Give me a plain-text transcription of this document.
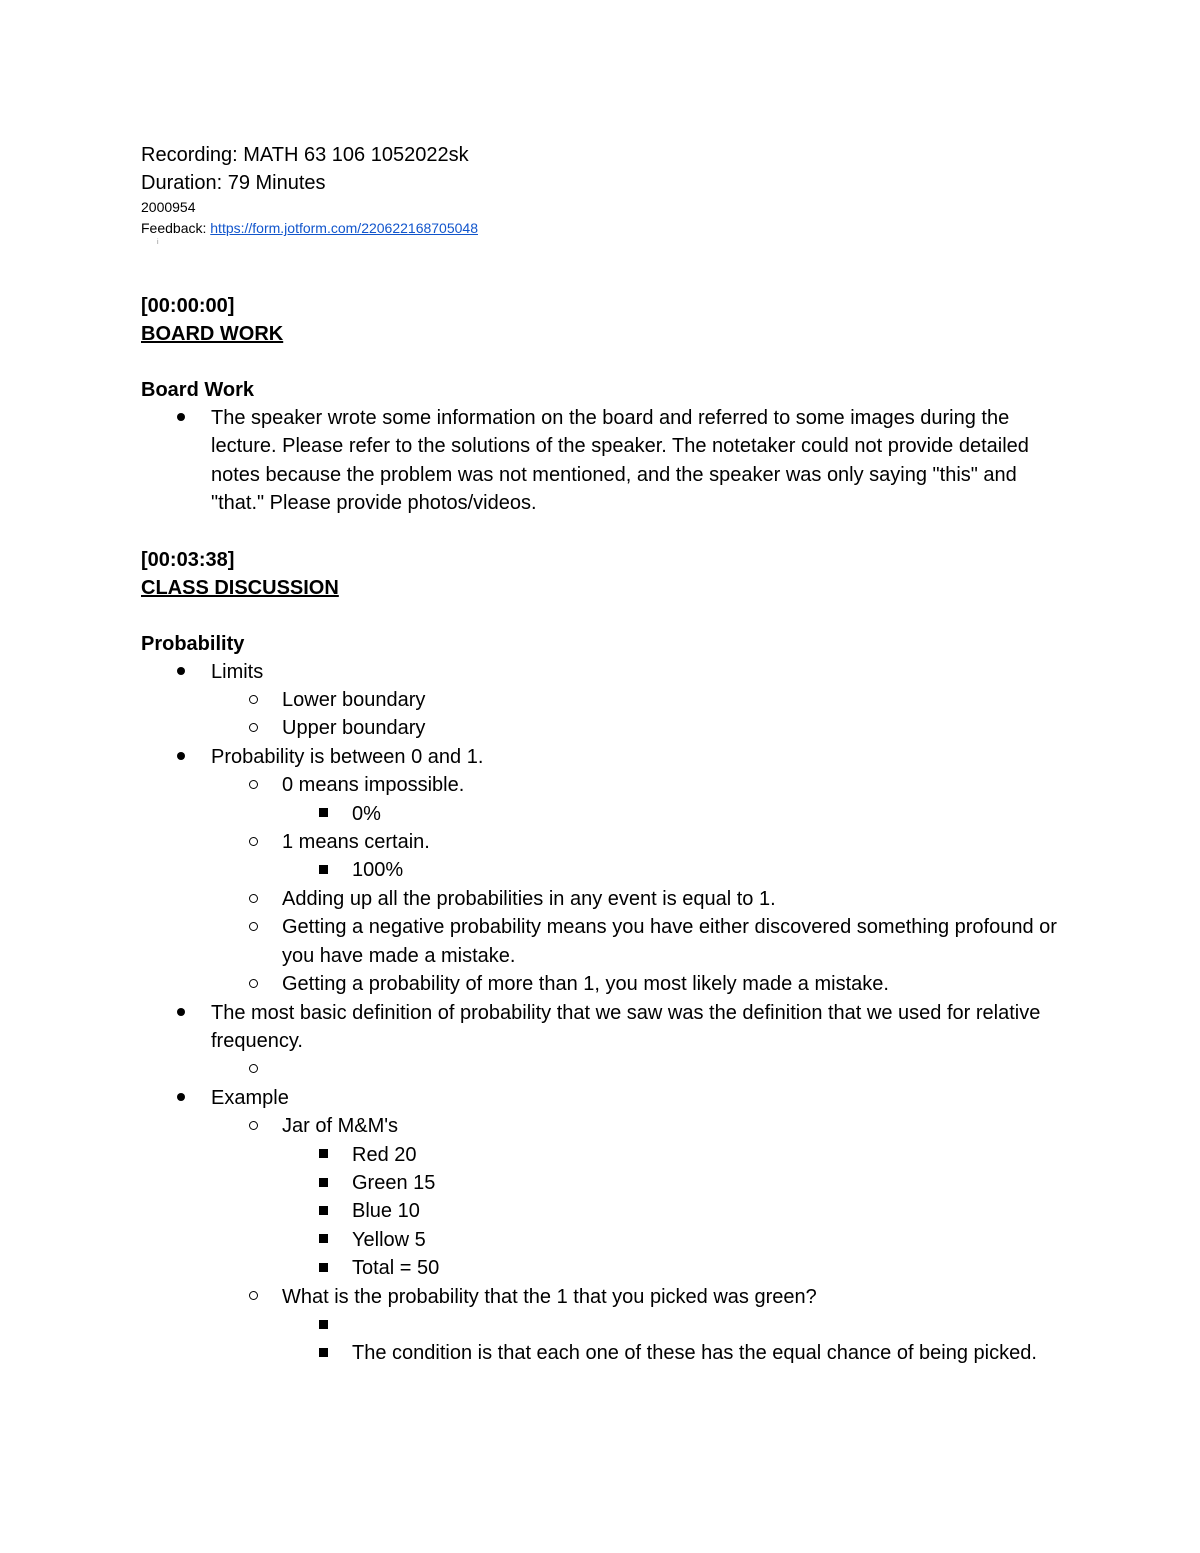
Recording: MATH 63 106 1052022sk
Duration: 79 Minutes
2000954
Feedback: https://form.jotform.com/220622168705048
i
[00:00:00]
BOARD WORK
Board Work
The speaker wrote some information on the board and referred to some images during the lecture. Please refer to the solutions of the speaker. The notetaker could not provide detailed notes because the problem was not mentioned, and the speaker was only saying "this" and "that." Please provide photos/videos.
[00:03:38]
CLASS DISCUSSION
Probability
Limits
Lower boundary
Upper boundary
Probability is between 0 and 1.
0 means impossible.
0%
1 means certain.
100%
Adding up all the probabilities in any event is equal to 1.
Getting a negative probability means you have either discovered something profound or you have made a mistake.
Getting a probability of more than 1, you most likely made a mistake.
The most basic definition of probability that we saw was the definition that we used for relative frequency.
Example
Jar of M&M's
Red 20
Green 15
Blue 10
Yellow 5
Total = 50
What is the probability that the 1 that you picked was green?
The condition is that each one of these has the equal chance of being picked.
